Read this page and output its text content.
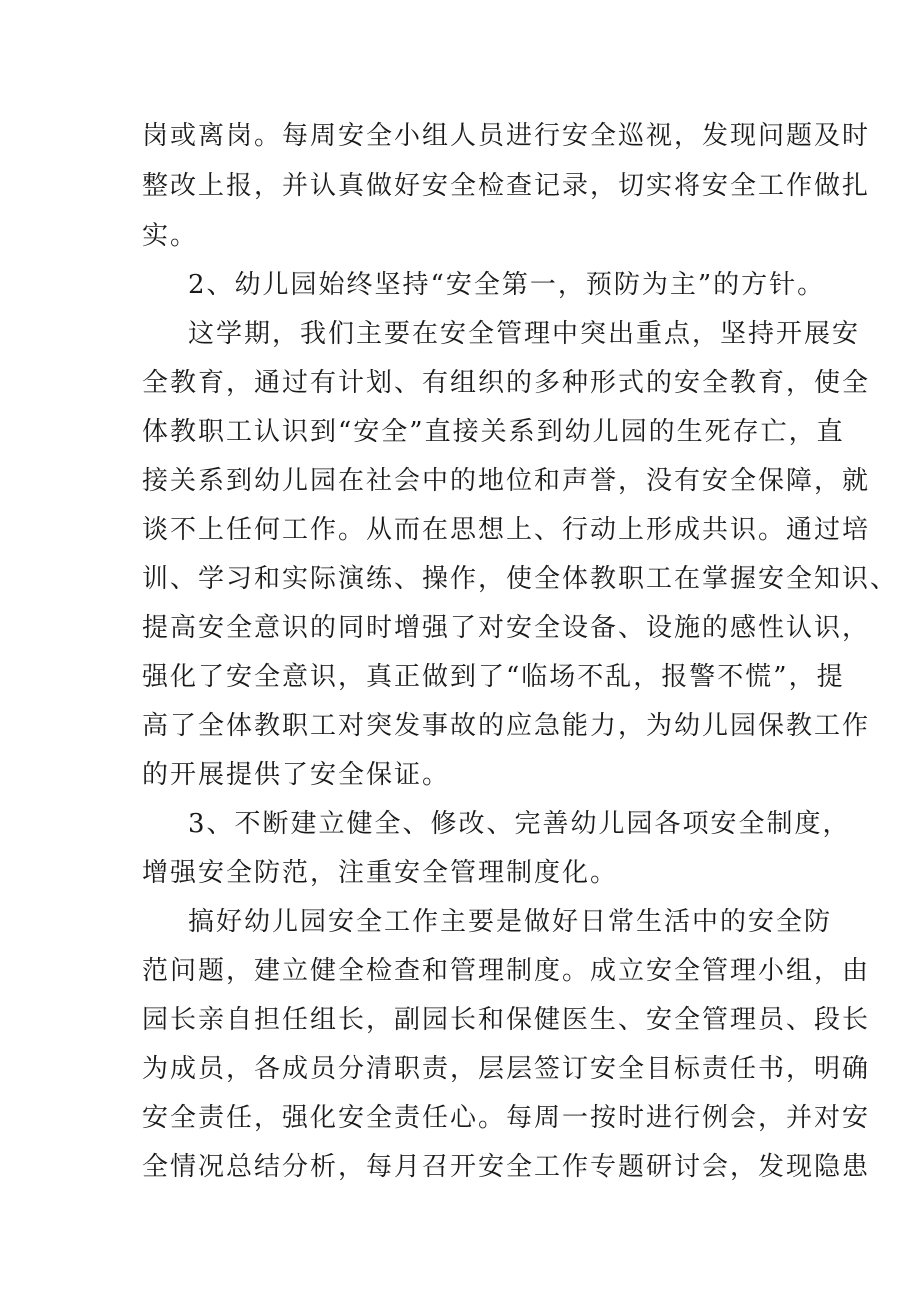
岗或离岗。每周安全小组人员进行安全巡视，发现问题及时
整改上报，并认真做好安全检查记录，切实将安全工作做扎
实。
2、幼儿园始终坚持“安全第一，预防为主”的方针。
这学期，我们主要在安全管理中突出重点，坚持开展安
全教育，通过有计划、有组织的多种形式的安全教育，使全
体教职工认识到“安全”直接关系到幼儿园的生死存亡，直
接关系到幼儿园在社会中的地位和声誉，没有安全保障，就
谈不上任何工作。从而在思想上、行动上形成共识。通过培
训、学习和实际演练、操作，使全体教职工在掌握安全知识、
提高安全意识的同时增强了对安全设备、设施的感性认识，
强化了安全意识，真正做到了“临场不乱，报警不慌”，提
高了全体教职工对突发事故的应急能力，为幼儿园保教工作
的开展提供了安全保证。
3、不断建立健全、修改、完善幼儿园各项安全制度，
增强安全防范，注重安全管理制度化。
搞好幼儿园安全工作主要是做好日常生活中的安全防
范问题，建立健全检查和管理制度。成立安全管理小组，由
园长亲自担任组长，副园长和保健医生、安全管理员、段长
为成员，各成员分清职责，层层签订安全目标责任书，明确
安全责任，强化安全责任心。每周一按时进行例会，并对安
全情况总结分析，每月召开安全工作专题研讨会，发现隐患
